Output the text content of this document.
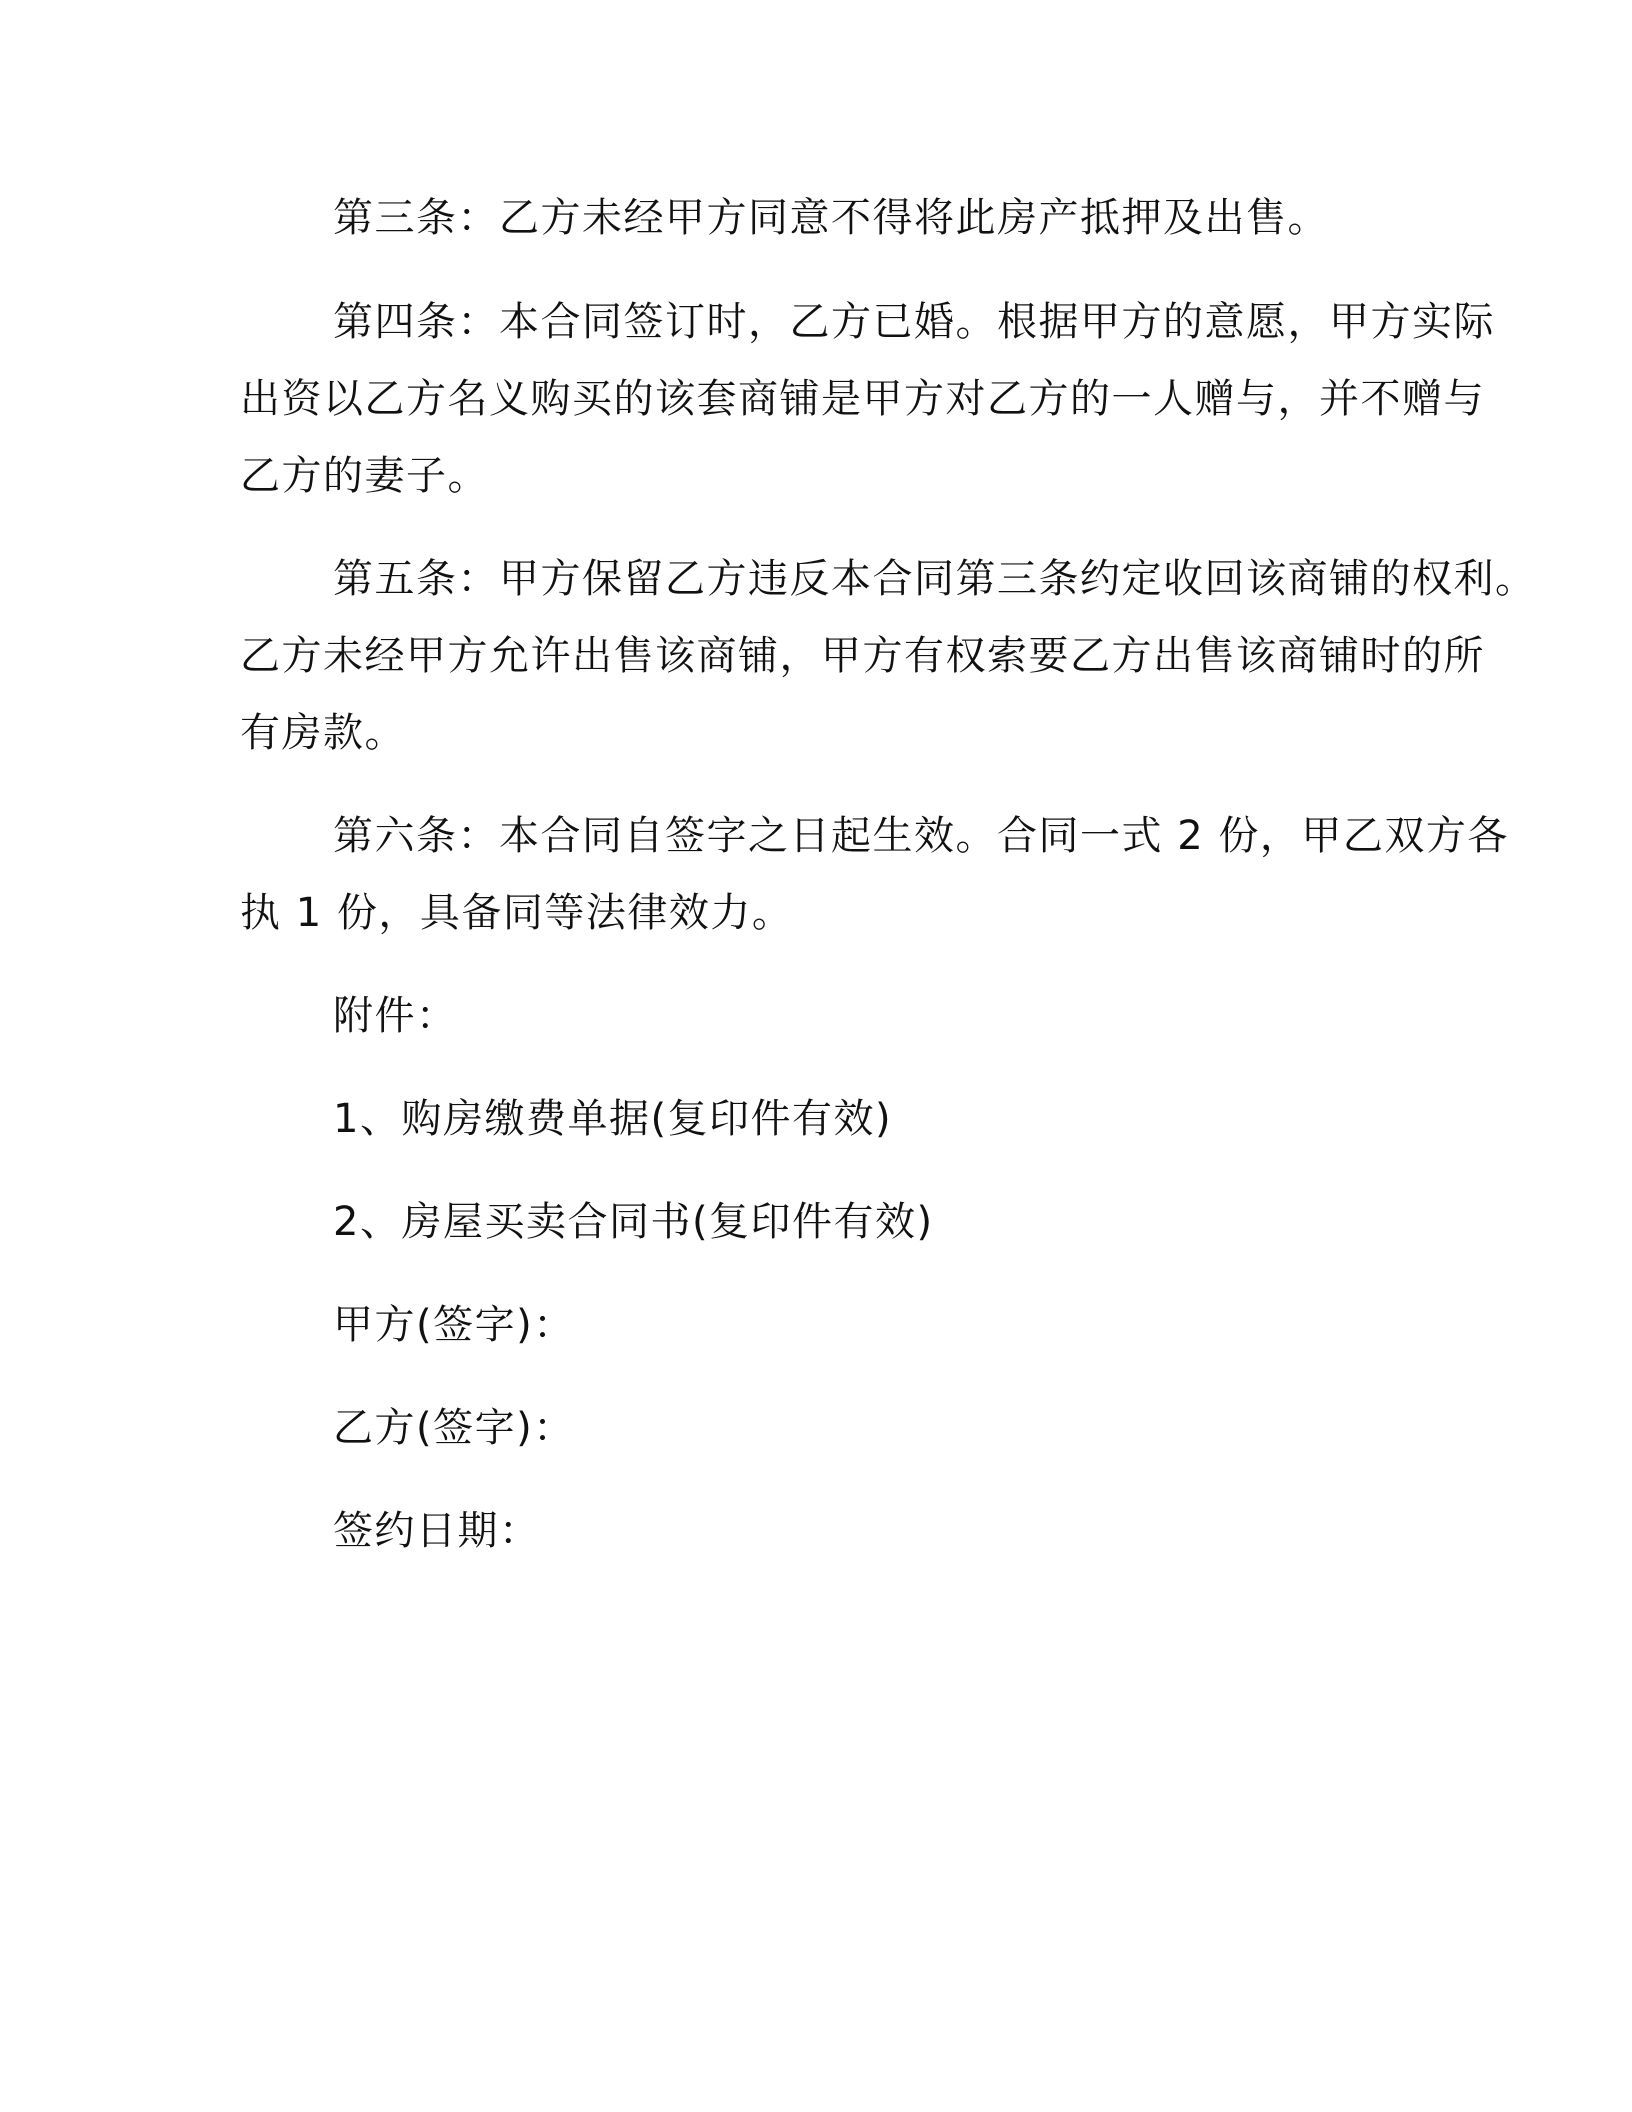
第三条：乙方未经甲方同意不得将此房产抵押及出售。

第四条：本合同签订时，乙方已婚。根据甲方的意愿，甲方实际

出资以乙方名义购买的该套商铺是甲方对乙方的一人赠与，并不赠与

乙方的妻子。

第五条：甲方保留乙方违反本合同第三条约定收回该商铺的权利。

乙方未经甲方允许出售该商铺，甲方有权索要乙方出售该商铺时的所

有房款。

第六条：本合同自签字之日起生效。合同一式 2 份，甲乙双方各

执 1 份，具备同等法律效力。

附件：

1、购房缴费单据(复印件有效)

2、房屋买卖合同书(复印件有效)

甲方(签字)：

乙方(签字)：

签约日期：
